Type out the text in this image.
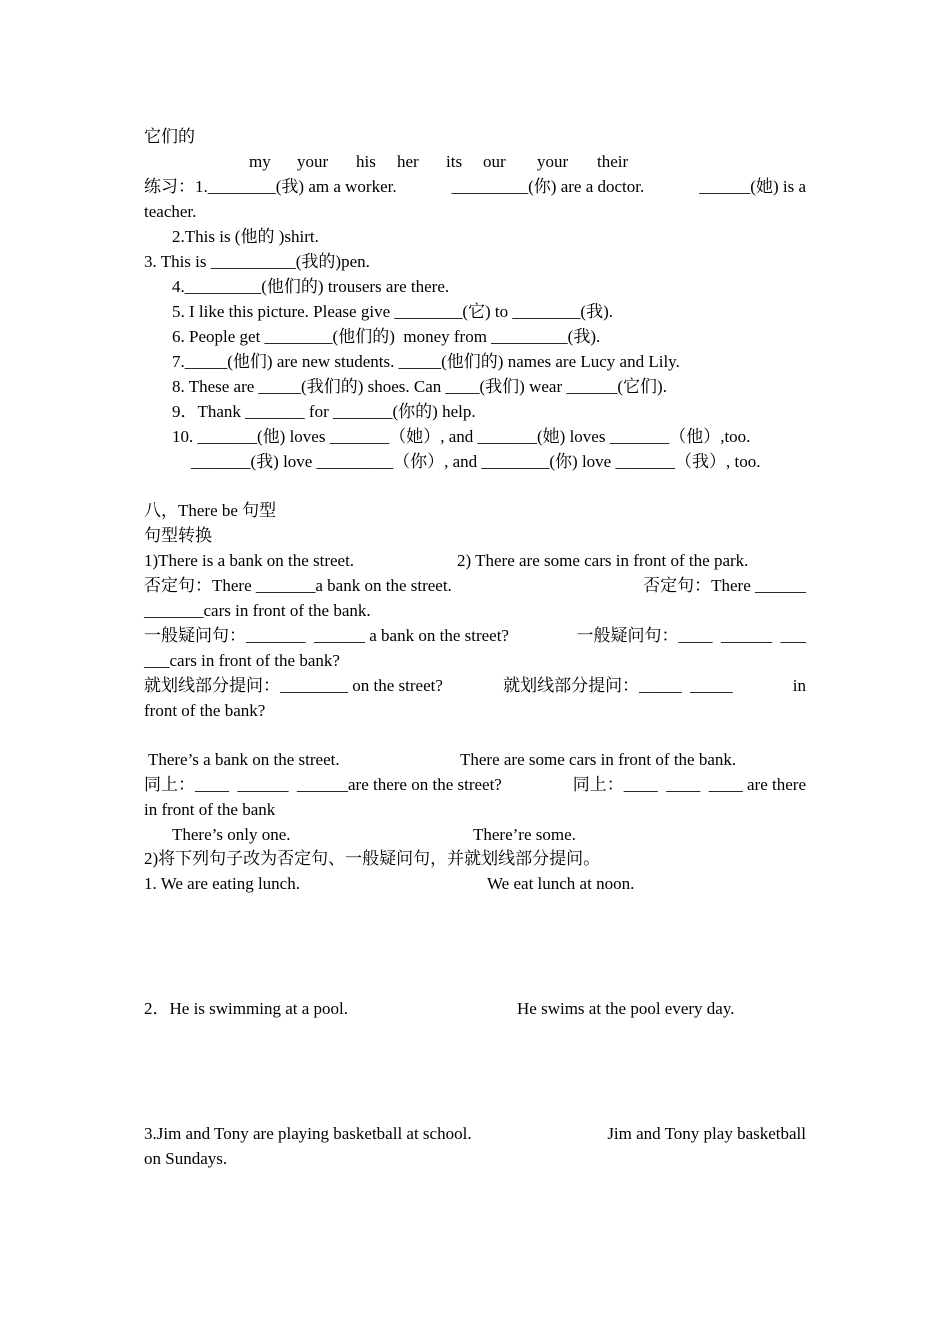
它们的
my your his her its our your their
练习：1.________(我) am a worker.	_________(你) are a doctor.	______(她) is a
teacher.
2.This is (他的 )shirt.
3. This is __________(我的)pen.
4._________(他们的) trousers are there.
5. I like this picture. Please give ________(它) to ________(我).
6. People get ________(他们的)  money from _________(我).
7._____(他们) are new students. _____(他们的) names are Lucy and Lily.
8. These are _____(我们的) shoes. Can ____(我们) wear ______(它们).
9．Thank _______ for _______(你的) help.
10. _______(他) loves _______（她）, and _______(她) loves _______（他）,too.
_______(我) love _________（你）, and ________(你) love _______（我）, too.
八，There be 句型
句型转换
1)There is a bank on the street.	2) There are some cars in front of the park.
否定句：There _______a bank on the street.	否定句：There ______
_______cars in front of the bank.
一般疑问句：_______  ______ a bank on the street?	一般疑问句：____  ______  ___
___cars in front of the bank?
就划线部分提问：________ on the street?	就划线部分提问：_____  _____	in
front of the bank?
There’s a bank on the street.	There are some cars in front of the bank.
同上：____  ______  ______are there on the street?	同上：____  ____  ____ are there
in front of the bank
There’s only one.	There’re some.
2)将下列句子改为否定句、一般疑问句，并就划线部分提问。
1. We are eating lunch.	We eat lunch at noon.
2．He is swimming at a pool.	He swims at the pool every day.
3.Jim and Tony are playing basketball at school.	Jim and Tony play basketball
on Sundays.
